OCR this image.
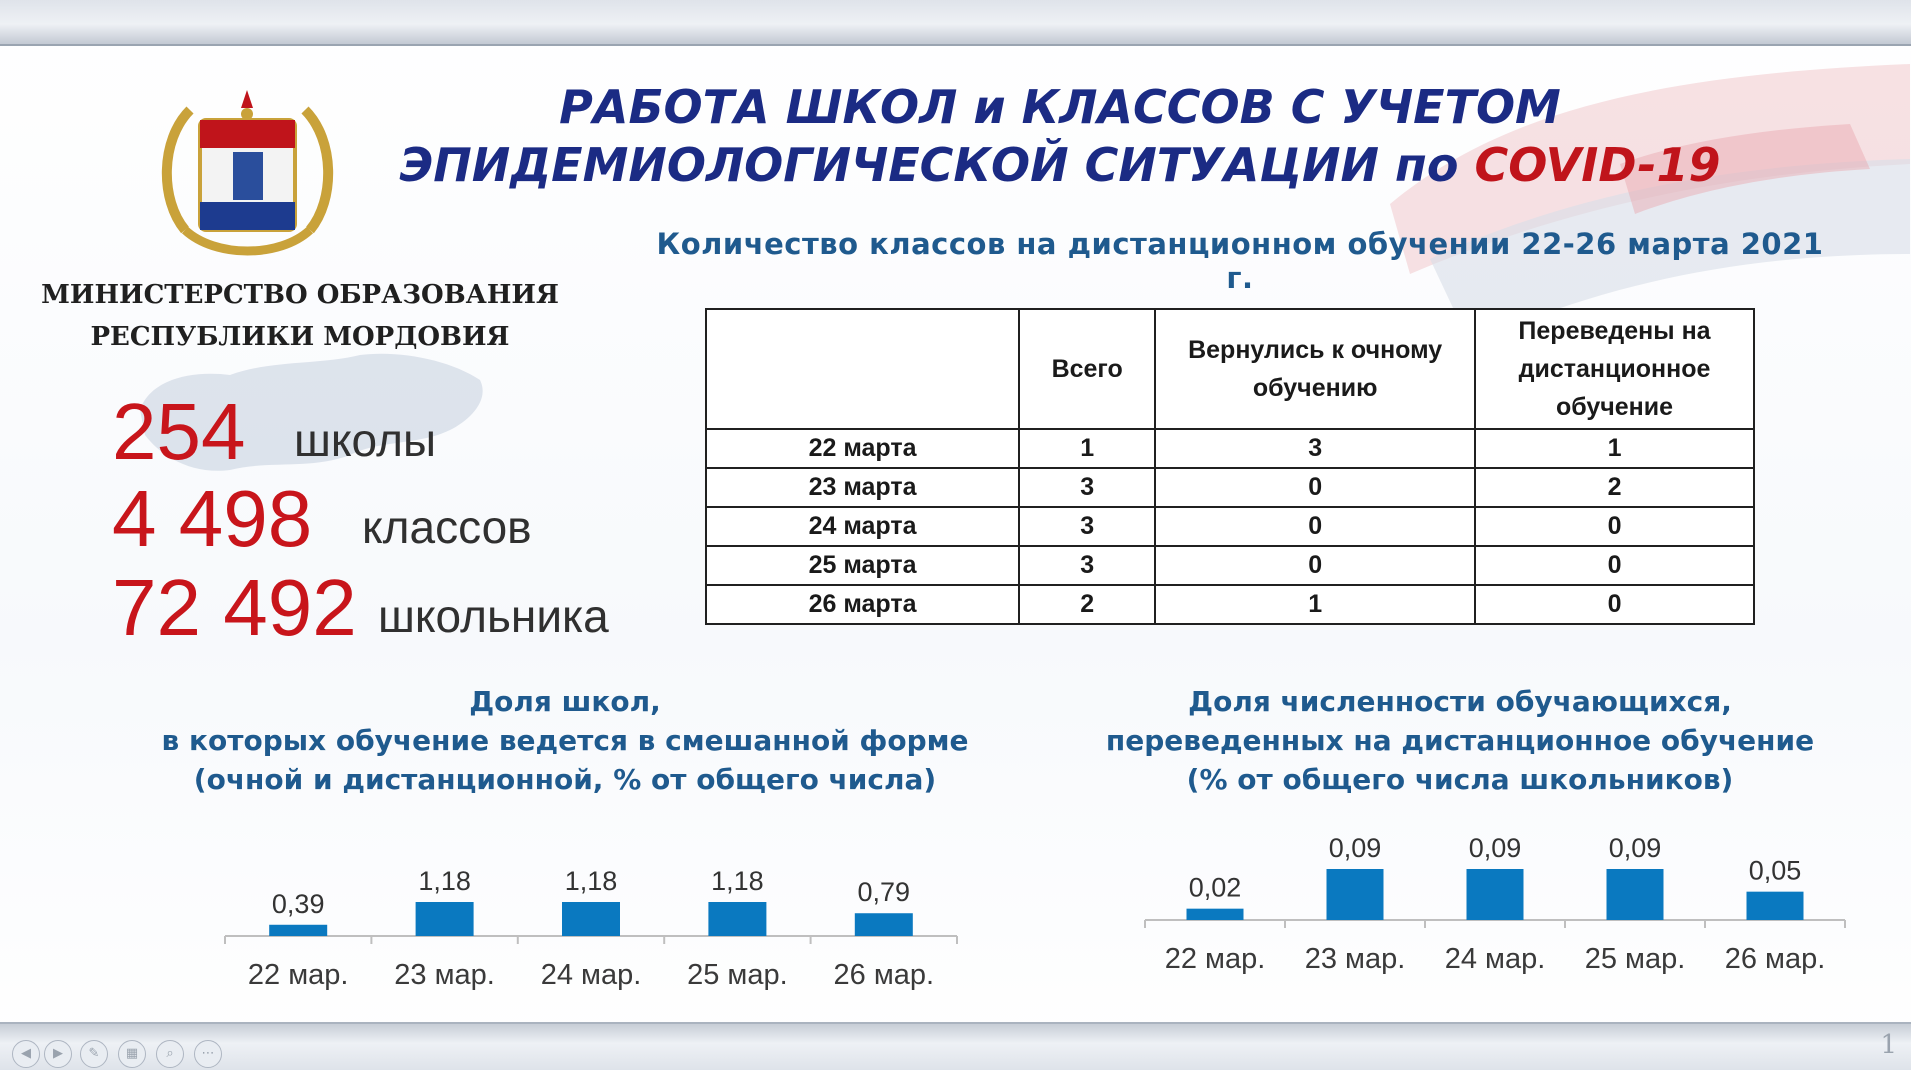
МИНИСТЕРСТВО ОБРАЗОВАНИЯ
РЕСПУБЛИКИ МОРДОВИЯ
254 школы
4 498 классов
72 492 школьника
РАБОТА ШКОЛ и КЛАССОВ С УЧЕТОМ
ЭПИДЕМИОЛОГИЧЕСКОЙ СИТУАЦИИ по COVID-19
Количество классов на дистанционном обучении 22-26 марта 2021 г.
	Всего	Вернулись к очному обучению	Переведены на дистанционное обучение
22 марта	1	3	1
23 марта	3	0	2
24 марта	3	0	0
25 марта	3	0	0
26 марта	2	1	0
Доля школ,
в которых обучение ведется в смешанной форме
(очной и дистанционной, % от общего числа)
0,39
22 мар.
1,18
23 мар.
1,18
24 мар.
1,18
25 мар.
0,79
26 мар.
Доля численности обучающихся,
переведенных на дистанционное обучение
(% от общего числа школьников)
0,02
22 мар.
0,09
23 мар.
0,09
24 мар.
0,09
25 мар.
0,05
26 мар.
◀	▶	✎	▦	⌕	⋯	1
